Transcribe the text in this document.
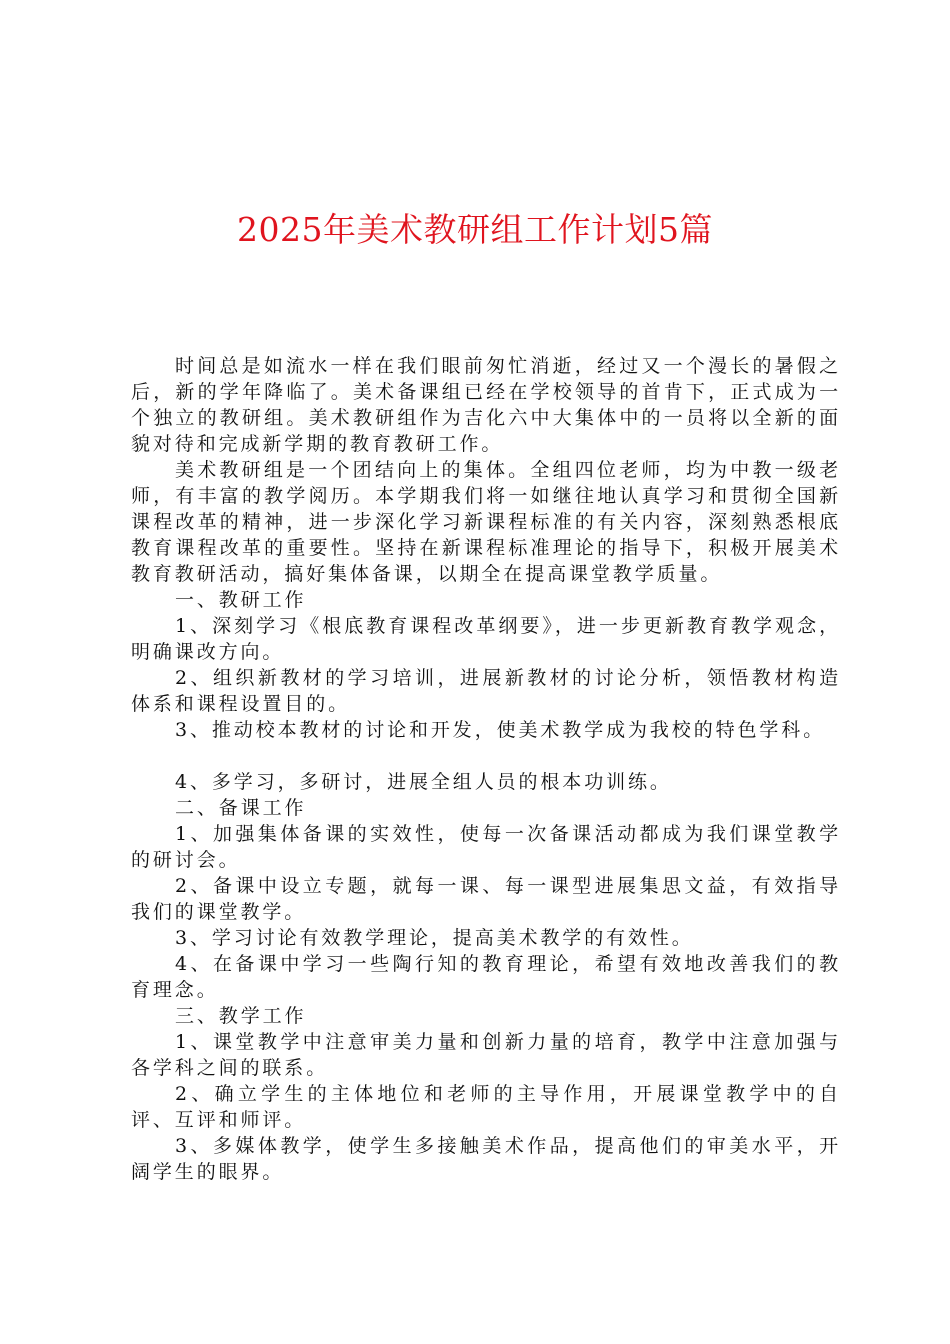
2025年美术教研组工作计划5篇

时间总是如流水一样在我们眼前匆忙消逝，经过又一个漫长的暑假之后，新的学年降临了。美术备课组已经在学校领导的首肯下，正式成为一个独立的教研组。美术教研组作为吉化六中大集体中的一员将以全新的面貌对待和完成新学期的教育教研工作。

美术教研组是一个团结向上的集体。全组四位老师，均为中教一级老师，有丰富的教学阅历。本学期我们将一如继往地认真学习和贯彻全国新课程改革的精神，进一步深化学习新课程标准的有关内容，深刻熟悉根底教育课程改革的重要性。坚持在新课程标准理论的指导下，积极开展美术教育教研活动，搞好集体备课，以期全在提高课堂教学质量。

一、教研工作

1、深刻学习《根底教育课程改革纲要》，进一步更新教育教学观念，明确课改方向。

2、组织新教材的学习培训，进展新教材的讨论分析，领悟教材构造体系和课程设置目的。

3、推动校本教材的讨论和开发，使美术教学成为我校的特色学科。

4、多学习，多研讨，进展全组人员的根本功训练。

二、备课工作

1、加强集体备课的实效性，使每一次备课活动都成为我们课堂教学的研讨会。

2、备课中设立专题，就每一课、每一课型进展集思文益，有效指导我们的课堂教学。

3、学习讨论有效教学理论，提高美术教学的有效性。

4、在备课中学习一些陶行知的教育理论，希望有效地改善我们的教育理念。

三、教学工作

1、课堂教学中注意审美力量和创新力量的培育，教学中注意加强与各学科之间的联系。

2、确立学生的主体地位和老师的主导作用，开展课堂教学中的自评、互评和师评。

3、多媒体教学，使学生多接触美术作品，提高他们的审美水平，开阔学生的眼界。
